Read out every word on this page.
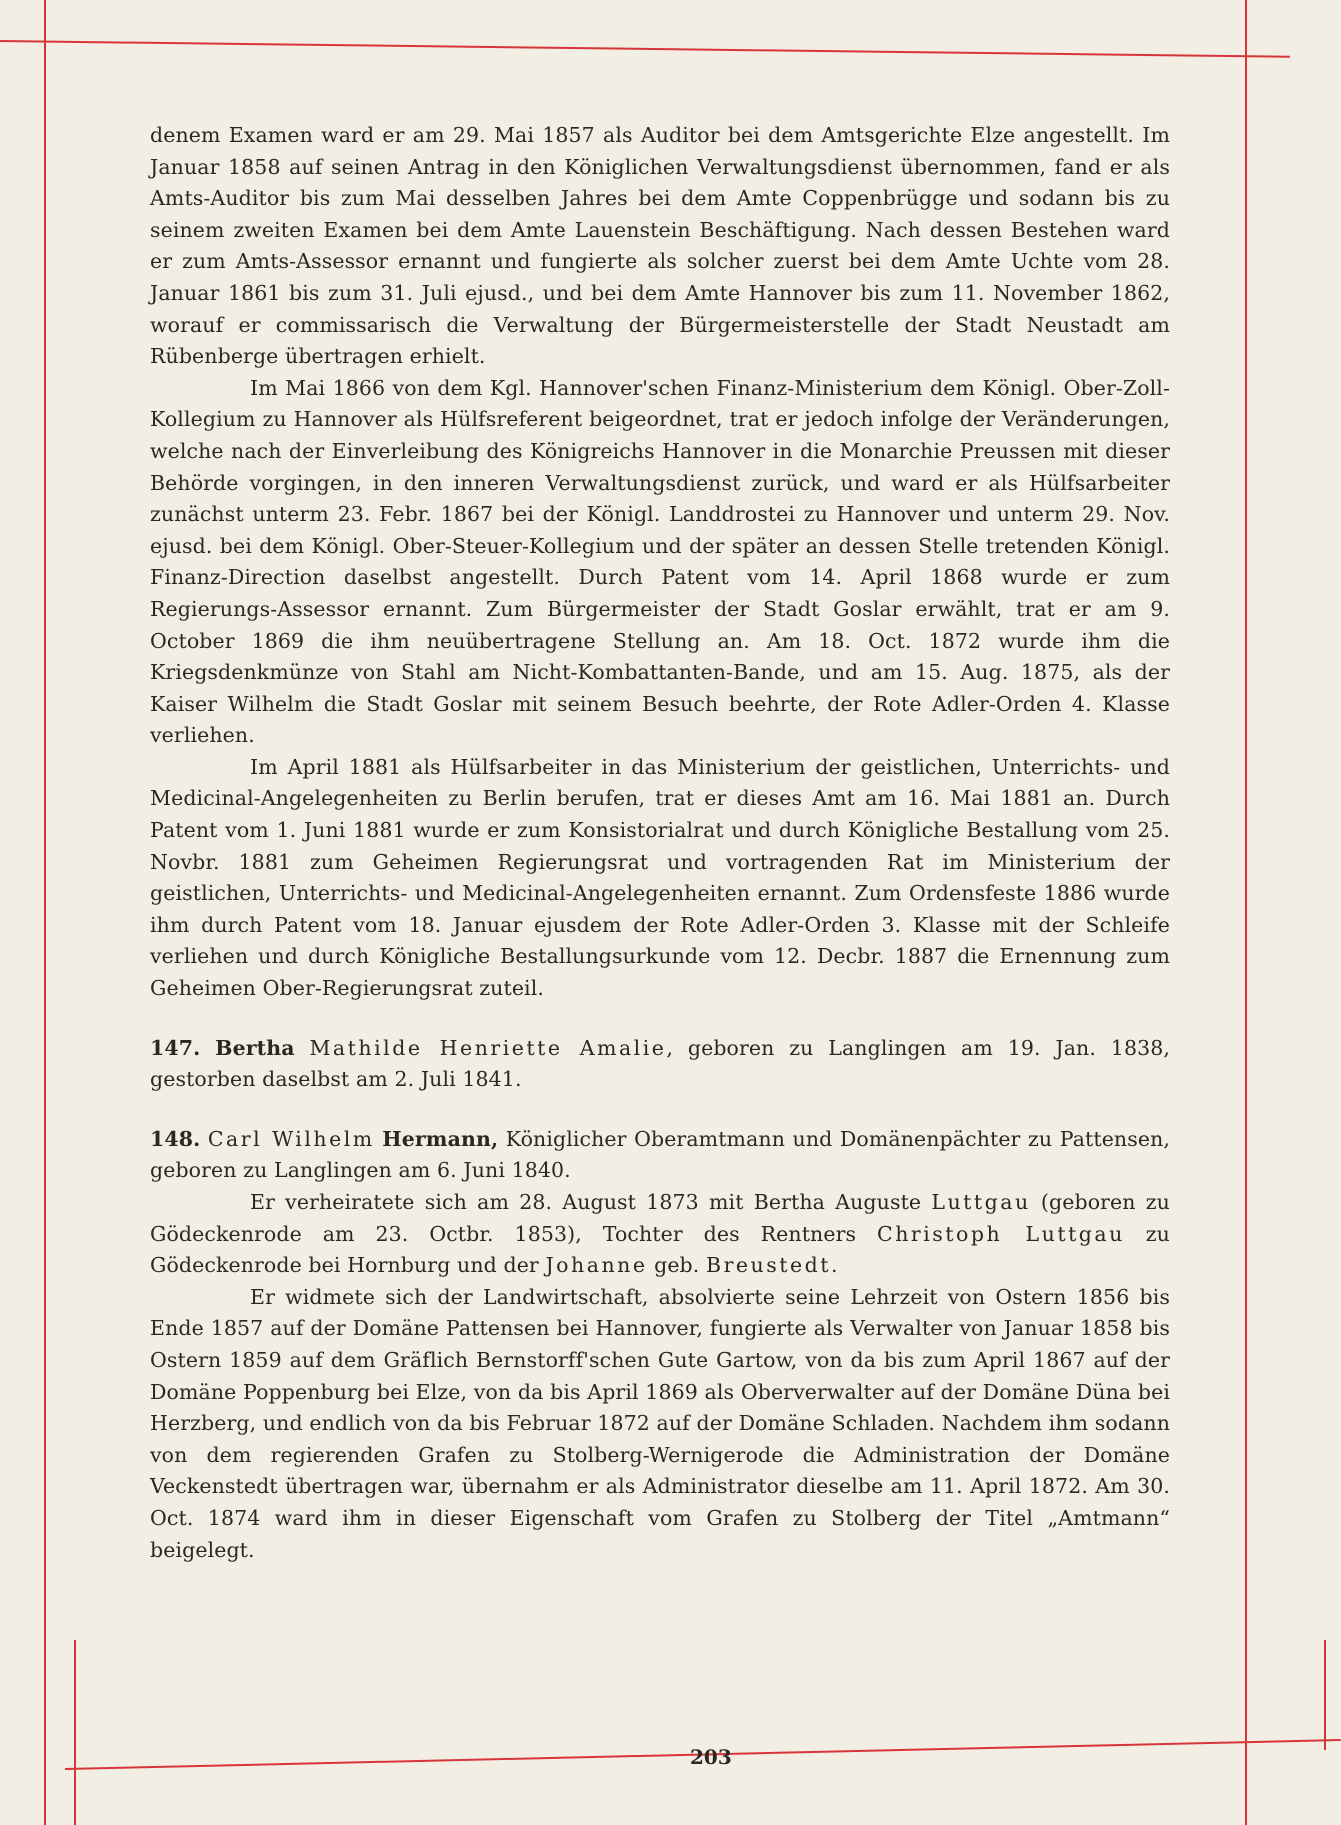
denem Examen ward er am 29. Mai 1857 als Auditor bei dem Amtsgerichte Elze angestellt. Im Januar 1858 auf seinen Antrag in den Königlichen Verwaltungsdienst übernommen, fand er als Amts-Auditor bis zum Mai desselben Jahres bei dem Amte Coppenbrügge und sodann bis zu seinem zweiten Examen bei dem Amte Lauenstein Beschäftigung. Nach dessen Bestehen ward er zum Amts-Assessor ernannt und fungierte als solcher zuerst bei dem Amte Uchte vom 28. Januar 1861 bis zum 31. Juli ejusd., und bei dem Amte Hannover bis zum 11. November 1862, worauf er commissarisch die Verwaltung der Bürgermeisterstelle der Stadt Neustadt am Rübenberge übertragen erhielt.

Im Mai 1866 von dem Kgl. Hannover'schen Finanz-Ministerium dem Königl. Ober-Zoll-Kollegium zu Hannover als Hülfsreferent beigeordnet, trat er jedoch infolge der Veränderungen, welche nach der Einverleibung des Königreichs Hannover in die Monarchie Preussen mit dieser Behörde vorgingen, in den inneren Verwaltungsdienst zurück, und ward er als Hülfsarbeiter zunächst unterm 23. Febr. 1867 bei der Königl. Landdrostei zu Hannover und unterm 29. Nov. ejusd. bei dem Königl. Ober-Steuer-Kollegium und der später an dessen Stelle tretenden Königl. Finanz-Direction daselbst angestellt. Durch Patent vom 14. April 1868 wurde er zum Regierungs-Assessor ernannt. Zum Bürgermeister der Stadt Goslar erwählt, trat er am 9. October 1869 die ihm neuübertragene Stellung an. Am 18. Oct. 1872 wurde ihm die Kriegsdenkmünze von Stahl am Nicht-Kombattanten-Bande, und am 15. Aug. 1875, als der Kaiser Wilhelm die Stadt Goslar mit seinem Besuch beehrte, der Rote Adler-Orden 4. Klasse verliehen.

Im April 1881 als Hülfsarbeiter in das Ministerium der geistlichen, Unterrichts- und Medicinal-Angelegenheiten zu Berlin berufen, trat er dieses Amt am 16. Mai 1881 an. Durch Patent vom 1. Juni 1881 wurde er zum Konsistorialrat und durch Königliche Bestallung vom 25. Novbr. 1881 zum Geheimen Regierungsrat und vortragenden Rat im Ministerium der geistlichen, Unterrichts- und Medicinal-Angelegenheiten ernannt. Zum Ordensfeste 1886 wurde ihm durch Patent vom 18. Januar ejusdem der Rote Adler-Orden 3. Klasse mit der Schleife verliehen und durch Königliche Bestallungsurkunde vom 12. Decbr. 1887 die Ernennung zum Geheimen Ober-Regierungsrat zuteil.

147. Bertha Mathilde Henriette Amalie, geboren zu Langlingen am 19. Jan. 1838, gestorben daselbst am 2. Juli 1841.

148. Carl Wilhelm Hermann, Königlicher Oberamtmann und Domänenpächter zu Pattensen, geboren zu Langlingen am 6. Juni 1840.

Er verheiratete sich am 28. August 1873 mit Bertha Auguste Luttgau (geboren zu Gödeckenrode am 23. Octbr. 1853), Tochter des Rentners Christoph Luttgau zu Gödeckenrode bei Hornburg und der Johanne geb. Breustedt.

Er widmete sich der Landwirtschaft, absolvierte seine Lehrzeit von Ostern 1856 bis Ende 1857 auf der Domäne Pattensen bei Hannover, fungierte als Verwalter von Januar 1858 bis Ostern 1859 auf dem Gräflich Bernstorff'schen Gute Gartow, von da bis zum April 1867 auf der Domäne Poppenburg bei Elze, von da bis April 1869 als Oberverwalter auf der Domäne Düna bei Herzberg, und endlich von da bis Februar 1872 auf der Domäne Schladen. Nachdem ihm sodann von dem regierenden Grafen zu Stolberg-Wernigerode die Administration der Domäne Veckenstedt übertragen war, übernahm er als Administrator dieselbe am 11. April 1872. Am 30. Oct. 1874 ward ihm in dieser Eigenschaft vom Grafen zu Stolberg der Titel „Amtmann“ beigelegt.

203
